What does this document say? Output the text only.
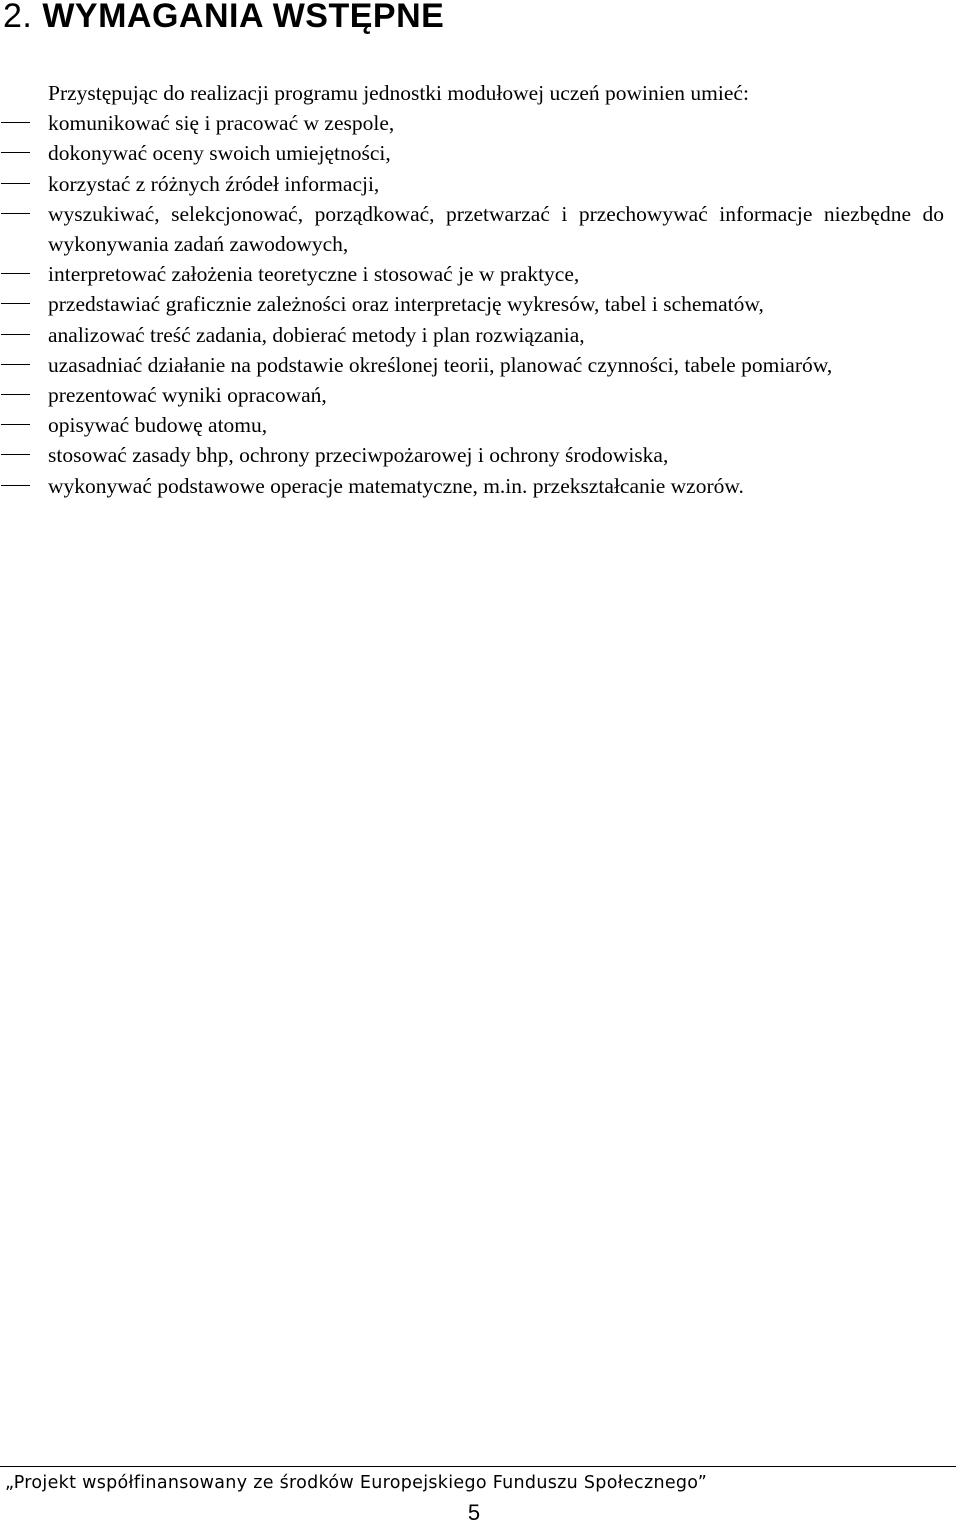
2. WYMAGANIA WSTĘPNE

Przystępując do realizacji programu jednostki modułowej uczeń powinien umieć:

komunikować się i pracować w zespole,
dokonywać oceny swoich umiejętności,
korzystać z różnych źródeł informacji,
wyszukiwać, selekcjonować, porządkować, przetwarzać i przechowywać informacje niezbędne do wykonywania zadań zawodowych,
interpretować założenia teoretyczne i stosować je w praktyce,
przedstawiać graficznie zależności oraz interpretację wykresów, tabel i schematów,
analizować treść zadania, dobierać metody i plan rozwiązania,
uzasadniać działanie na podstawie określonej teorii, planować czynności, tabele pomiarów,
prezentować wyniki opracowań,
opisywać budowę atomu,
stosować zasady bhp, ochrony przeciwpożarowej i ochrony środowiska,
wykonywać podstawowe operacje matematyczne, m.in. przekształcanie wzorów.
„Projekt współfinansowany ze środków Europejskiego Funduszu Społecznego”
5
